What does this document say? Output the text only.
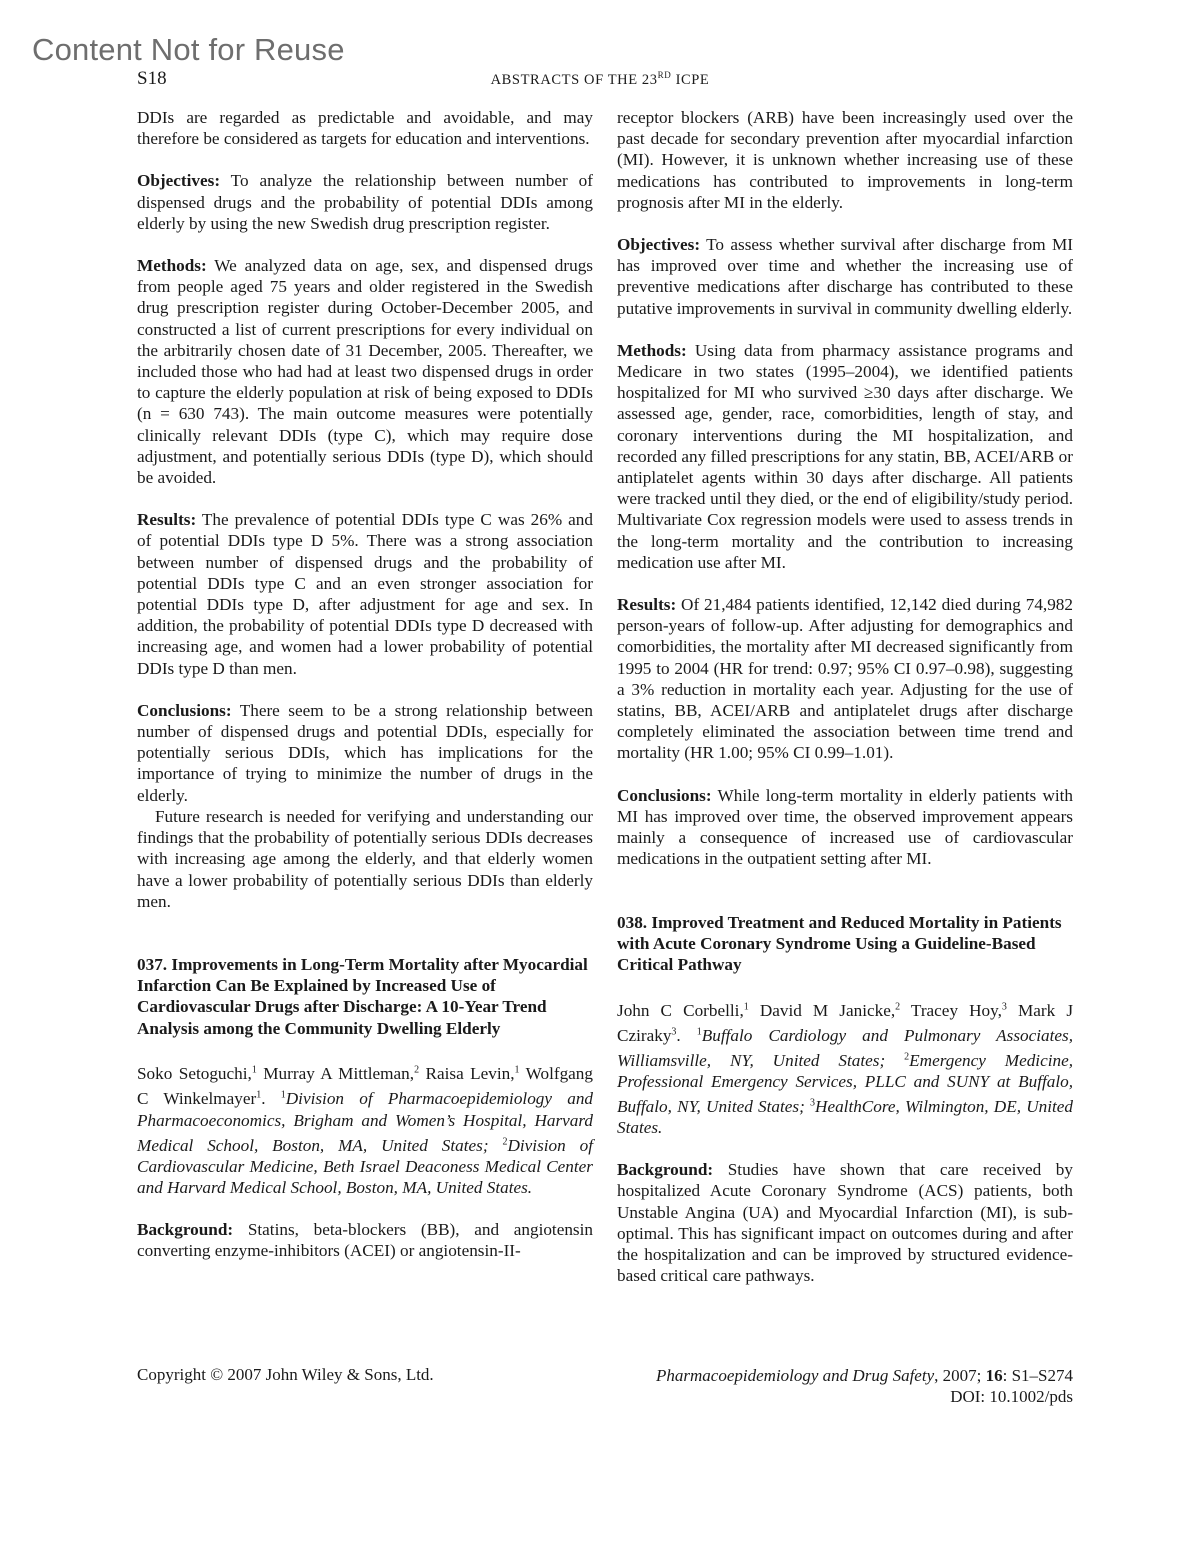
Content Not for Reuse
S18	ABSTRACTS OF THE 23RD ICPE

DDIs are regarded as predictable and avoidable, and may therefore be considered as targets for education and interventions.

Objectives: To analyze the relationship between number of dispensed drugs and the probability of potential DDIs among elderly by using the new Swedish drug prescription register.

Methods: We analyzed data on age, sex, and dispensed drugs from people aged 75 years and older registered in the Swedish drug prescription register during October-December 2005, and constructed a list of current prescriptions for every individual on the arbitrarily chosen date of 31 December, 2005. Thereafter, we included those who had had at least two dispensed drugs in order to capture the elderly population at risk of being exposed to DDIs (n = 630 743). The main outcome measures were potentially clinically relevant DDIs (type C), which may require dose adjustment, and potentially serious DDIs (type D), which should be avoided.

Results: The prevalence of potential DDIs type C was 26% and of potential DDIs type D 5%. There was a strong association between number of dispensed drugs and the probability of potential DDIs type C and an even stronger association for potential DDIs type D, after adjustment for age and sex. In addition, the probability of potential DDIs type D decreased with increasing age, and women had a lower probability of potential DDIs type D than men.

Conclusions: There seem to be a strong relationship between number of dispensed drugs and potential DDIs, especially for potentially serious DDIs, which has implications for the importance of trying to minimize the number of drugs in the elderly.

Future research is needed for verifying and understanding our findings that the probability of potentially serious DDIs decreases with increasing age among the elderly, and that elderly women have a lower probability of potentially serious DDIs than elderly men.

037. Improvements in Long-Term Mortality after Myocardial Infarction Can Be Explained by Increased Use of Cardiovascular Drugs after Discharge: A 10-Year Trend Analysis among the Community Dwelling Elderly

Soko Setoguchi,$^1$ Murray A Mittleman,$^2$ Raisa Levin,$^1$ Wolfgang C Winkelmayer$^1$. $^1$Division of Pharmacoepidemiology and Pharmacoeconomics, Brigham and Women’s Hospital, Harvard Medical School, Boston, MA, United States; $^2$Division of Cardiovascular Medicine, Beth Israel Deaconess Medical Center and Harvard Medical School, Boston, MA, United States.

Background: Statins, beta-blockers (BB), and angiotensin converting enzyme-inhibitors (ACEI) or angiotensin-II-

receptor blockers (ARB) have been increasingly used over the past decade for secondary prevention after myocardial infarction (MI). However, it is unknown whether increasing use of these medications has contributed to improvements in long-term prognosis after MI in the elderly.

Objectives: To assess whether survival after discharge from MI has improved over time and whether the increasing use of preventive medications after discharge has contributed to these putative improvements in survival in community dwelling elderly.

Methods: Using data from pharmacy assistance programs and Medicare in two states (1995–2004), we identified patients hospitalized for MI who survived ≥30 days after discharge. We assessed age, gender, race, comorbidities, length of stay, and coronary interventions during the MI hospitalization, and recorded any filled prescriptions for any statin, BB, ACEI/ARB or antiplatelet agents within 30 days after discharge. All patients were tracked until they died, or the end of eligibility/study period. Multivariate Cox regression models were used to assess trends in the long-term mortality and the contribution to increasing medication use after MI.

Results: Of 21,484 patients identified, 12,142 died during 74,982 person-years of follow-up. After adjusting for demographics and comorbidities, the mortality after MI decreased significantly from 1995 to 2004 (HR for trend: 0.97; 95% CI 0.97–0.98), suggesting a 3% reduction in mortality each year. Adjusting for the use of statins, BB, ACEI/ARB and antiplatelet drugs after discharge completely eliminated the association between time trend and mortality (HR 1.00; 95% CI 0.99–1.01).

Conclusions: While long-term mortality in elderly patients with MI has improved over time, the observed improvement appears mainly a consequence of increased use of cardiovascular medications in the outpatient setting after MI.

038. Improved Treatment and Reduced Mortality in Patients with Acute Coronary Syndrome Using a Guideline-Based Critical Pathway

John C Corbelli,$^1$ David M Janicke,$^2$ Tracey Hoy,$^3$ Mark J Cziraky$^3$. $^1$Buffalo Cardiology and Pulmonary Associates, Williamsville, NY, United States; $^2$Emergency Medicine, Professional Emergency Services, PLLC and SUNY at Buffalo, Buffalo, NY, United States; $^3$HealthCore, Wilmington, DE, United States.

Background: Studies have shown that care received by hospitalized Acute Coronary Syndrome (ACS) patients, both Unstable Angina (UA) and Myocardial Infarction (MI), is sub-optimal. This has significant impact on outcomes during and after the hospitalization and can be improved by structured evidence-based critical care pathways.

Copyright © 2007 John Wiley & Sons, Ltd.	Pharmacoepidemiology and Drug Safety, 2007; 16: S1–S274
DOI: 10.1002/pds
